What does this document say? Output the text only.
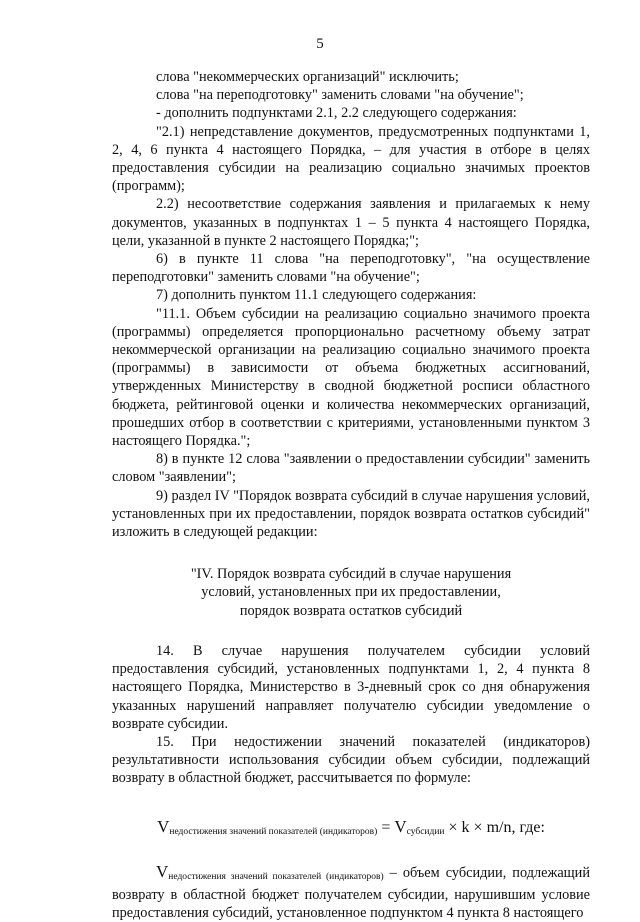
5

слова "некоммерческих организаций" исключить;

слова "на переподготовку" заменить словами "на обучение";

- дополнить подпунктами 2.1, 2.2 следующего содержания:

"2.1) непредставление документов, предусмотренных подпунктами 1, 2, 4, 6 пункта 4 настоящего Порядка, – для участия в отборе в целях предоставления субсидии на реализацию социально значимых проектов (программ);

2.2) несоответствие содержания заявления и прилагаемых к нему документов, указанных в подпунктах 1 – 5 пункта 4 настоящего Порядка, цели, указанной в пункте 2 настоящего Порядка;";

6) в пункте 11 слова "на переподготовку", "на осуществление переподготовки" заменить словами "на обучение";

7) дополнить пунктом 11.1 следующего содержания:

"11.1. Объем субсидии на реализацию социально значимого проекта (программы) определяется пропорционально расчетному объему затрат некоммерческой организации на реализацию социально значимого проекта (программы) в зависимости от объема бюджетных ассигнований, утвержденных Министерству в сводной бюджетной росписи областного бюджета, рейтинговой оценки и количества некоммерческих организаций, прошедших отбор в соответствии с критериями, установленными пунктом 3 настоящего Порядка.";

8) в пункте 12 слова "заявлении о предоставлении субсидии" заменить словом "заявлении";

9) раздел IV "Порядок возврата субсидий в случае нарушения условий, установленных при их предоставлении, порядок возврата остатков субсидий" изложить в следующей редакции:

"IV. Порядок возврата субсидий в случае нарушения

условий, установленных при их предоставлении,

порядок возврата остатков субсидий

14. В случае нарушения получателем субсидии условий предоставления субсидий, установленных подпунктами 1, 2, 4 пункта 8 настоящего Порядка, Министерство в 3-дневный срок со дня обнаружения указанных нарушений направляет получателю субсидии уведомление о возврате субсидии.

15. При недостижении значений показателей (индикаторов) результативности использования субсидии объем субсидии, подлежащий возврату в областной бюджет, рассчитывается по формуле:

$V_{недостижения значений показателей (индикаторов)} = V_{субсидии} \times k \times m/n$, где:

$V_{недостижения значений показателей (индикаторов)}$ – объем субсидии, подлежащий возврату в областной бюджет получателем субсидии, нарушившим условие предоставления субсидий, установленное подпунктом 4 пункта 8 настоящего
